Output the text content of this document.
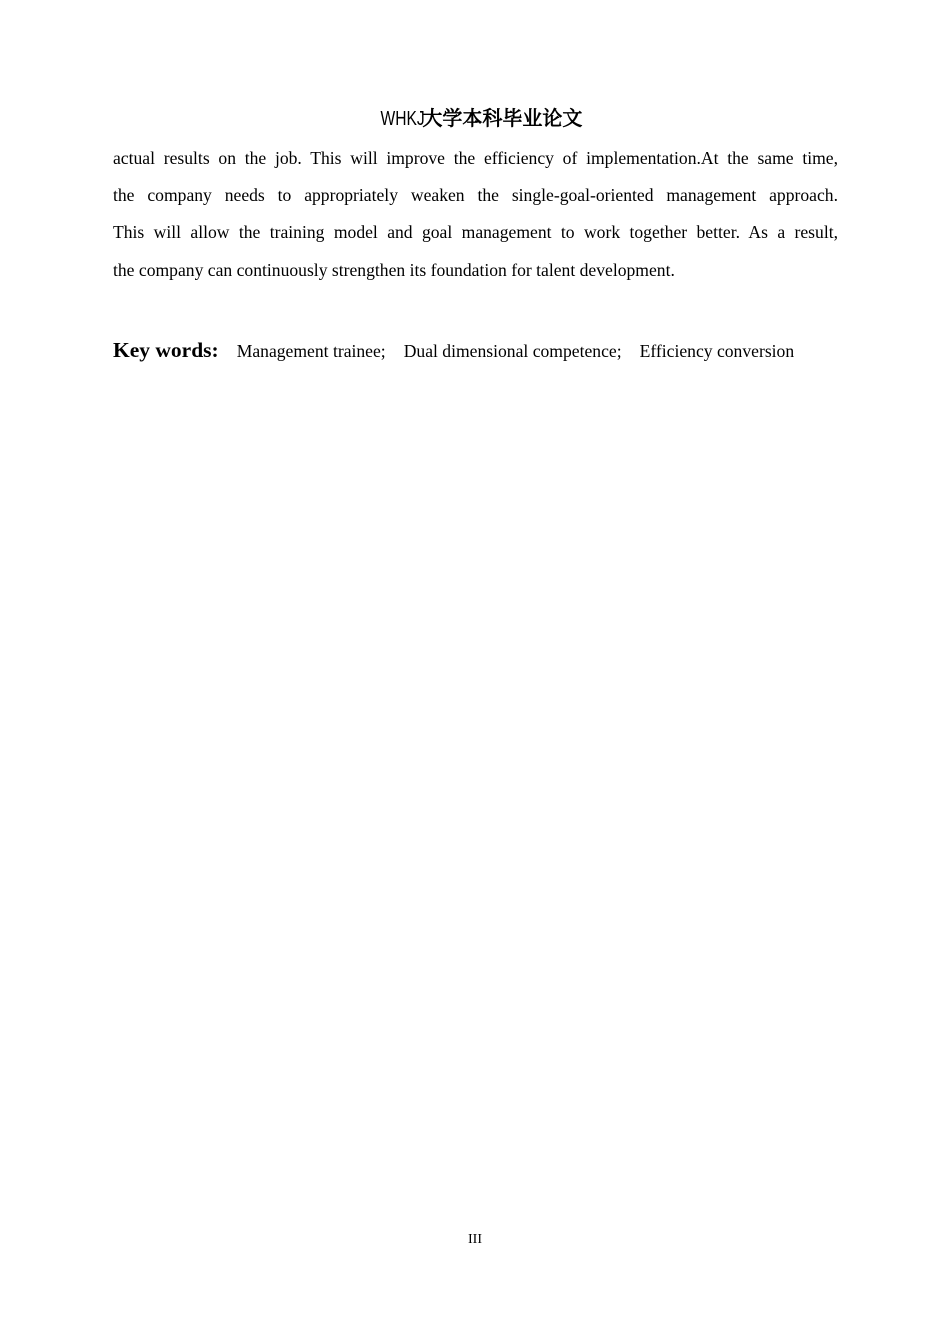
WHKJ大学本科毕业论文
actual results on the job. This will improve the efficiency of implementation.At the same time,
the company needs to appropriately weaken the single-goal-oriented management approach.
This will allow the training model and goal management to work together better. As a result,
the company can continuously strengthen its foundation for talent development.
Key words: Management trainee; Dual dimensional competence; Efficiency conversion
III
